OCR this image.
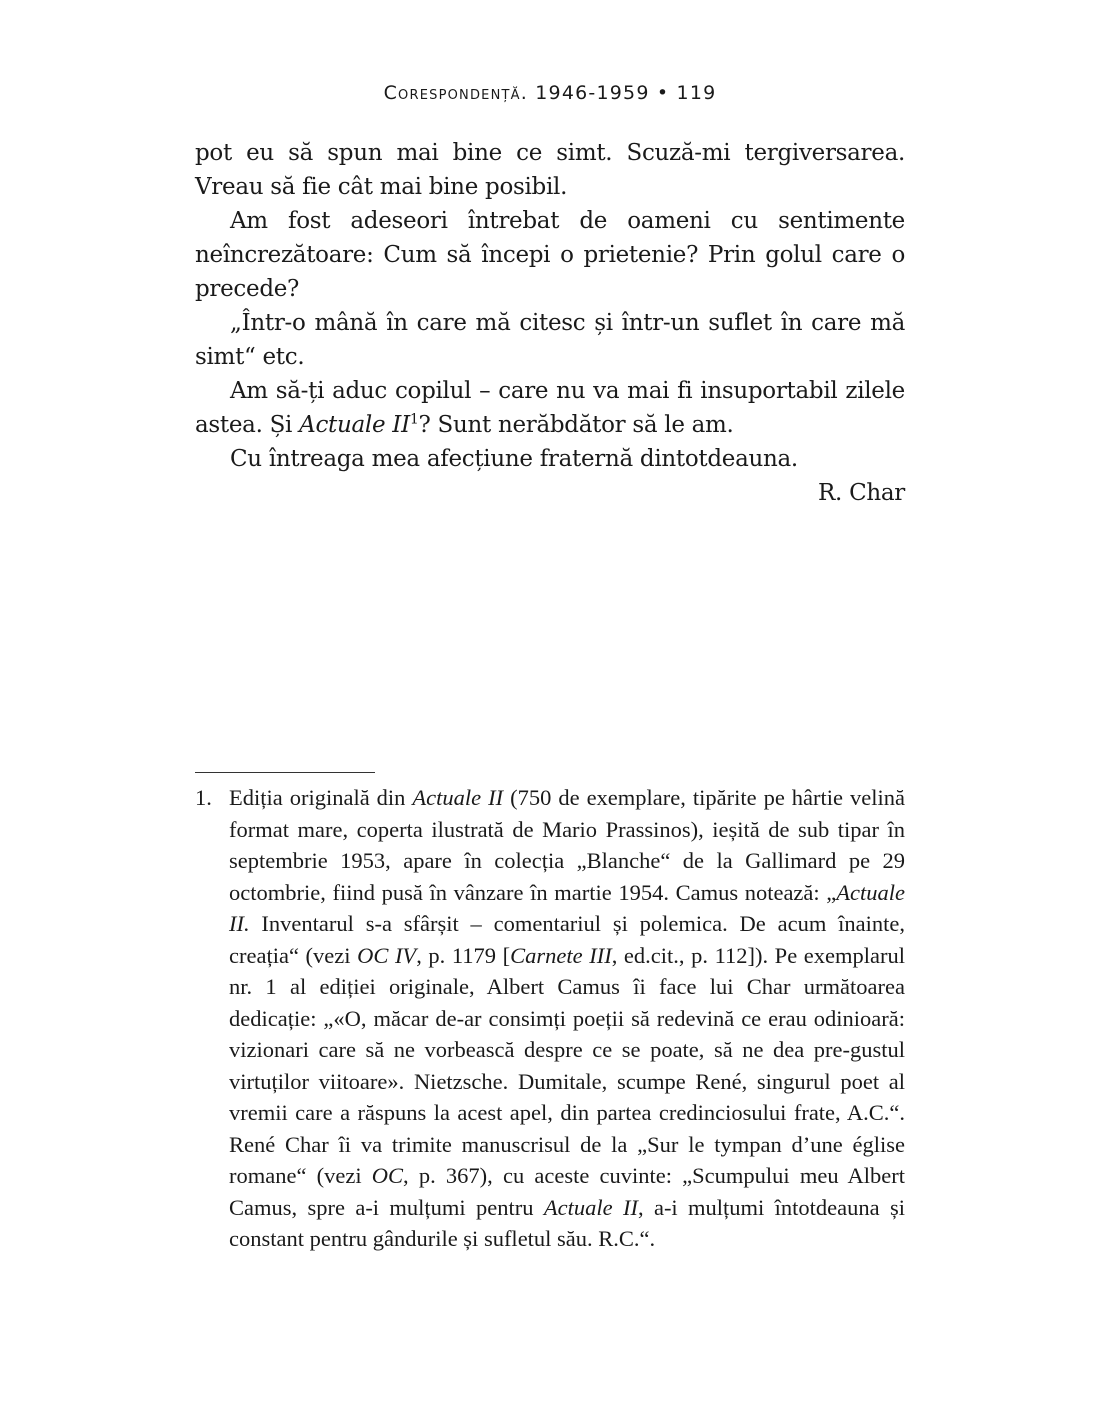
Corespondență. 1946-1959 • 119

pot eu să spun mai bine ce simt. Scuză-mi tergiversarea. Vreau să fie cât mai bine posibil.

Am fost adeseori întrebat de oameni cu sentimente neîncrezătoare: Cum să începi o prietenie? Prin golul care o precede?

„Într-o mână în care mă citesc și într-un suflet în care mă simt“ etc.

Am să-ți aduc copilul – care nu va mai fi insuportabil zilele astea. Și Actuale $II^1$? Sunt nerăbdător să le am.

Cu întreaga mea afecțiune fraternă dintotdeauna.

R. Char

1. Ediția originală din Actuale II (750 de exemplare, tipărite pe hârtie velină format mare, coperta ilustrată de Mario Prassinos), ieșită de sub tipar în septembrie 1953, apare în colecția „Blanche“ de la Gallimard pe 29 octombrie, fiind pusă în vânzare în martie 1954. Camus notează: „Actuale II. Inventarul s-a sfârșit – comentariul și polemica. De acum înainte, creația“ (vezi OC IV, p. 1179 [Carnete III, ed.cit., p. 112]). Pe exemplarul nr. 1 al ediției originale, Albert Camus îi face lui Char următoarea dedicație: „«O, măcar de-ar consimți poeții să redevină ce erau odinioară: vizionari care să ne vorbească despre ce se poate, să ne dea pre-gustul virtuților viitoare». Nietzsche. Dumitale, scumpe René, singurul poet al vremii care a răspuns la acest apel, din partea credinciosului frate, A.C.“. René Char îi va trimite manuscrisul de la „Sur le tympan d’une église romane“ (vezi OC, p. 367), cu aceste cuvinte: „Scumpului meu Albert Camus, spre a-i mulțumi pentru Actuale II, a-i mulțumi întotdeauna și constant pentru gândurile și sufletul său. R.C.“.
